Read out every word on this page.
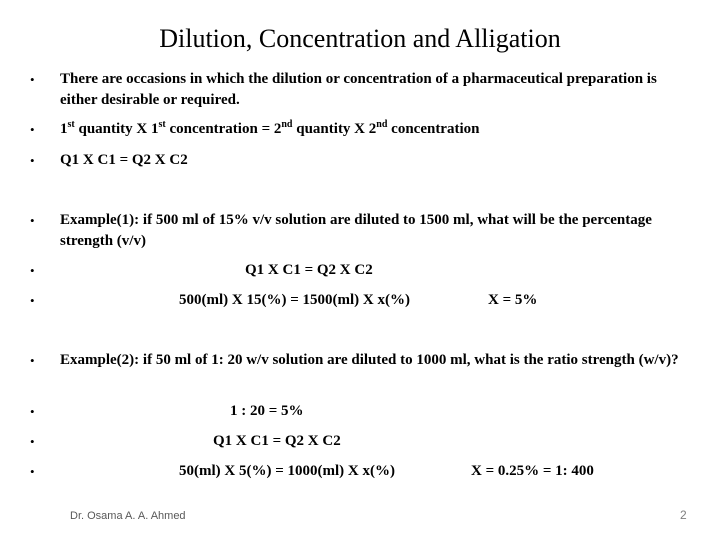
Dilution, Concentration and Alligation
• There are occasions in which the dilution or concentration of a pharmaceutical preparation is either desirable or required.
• 1st quantity X 1st concentration = 2nd quantity X 2nd concentration
• Q1 X C1 = Q2 X C2
• Example(1): if 500 ml of 15% v/v solution are diluted to 1500 ml, what will be the percentage strength (v/v)
•	Q1 X C1 = Q2 X C2
•	500(ml) X 15(%) = 1500(ml) X x(%)	X = 5%
• Example(2): if 50 ml of 1: 20 w/v solution are diluted to 1000 ml, what is the ratio strength (w/v)?
•	1 : 20 = 5%
•	Q1 X C1 = Q2 X C2
•	50(ml) X 5(%) = 1000(ml) X x(%)	X = 0.25% = 1: 400
Dr. Osama A. A. Ahmed	2
